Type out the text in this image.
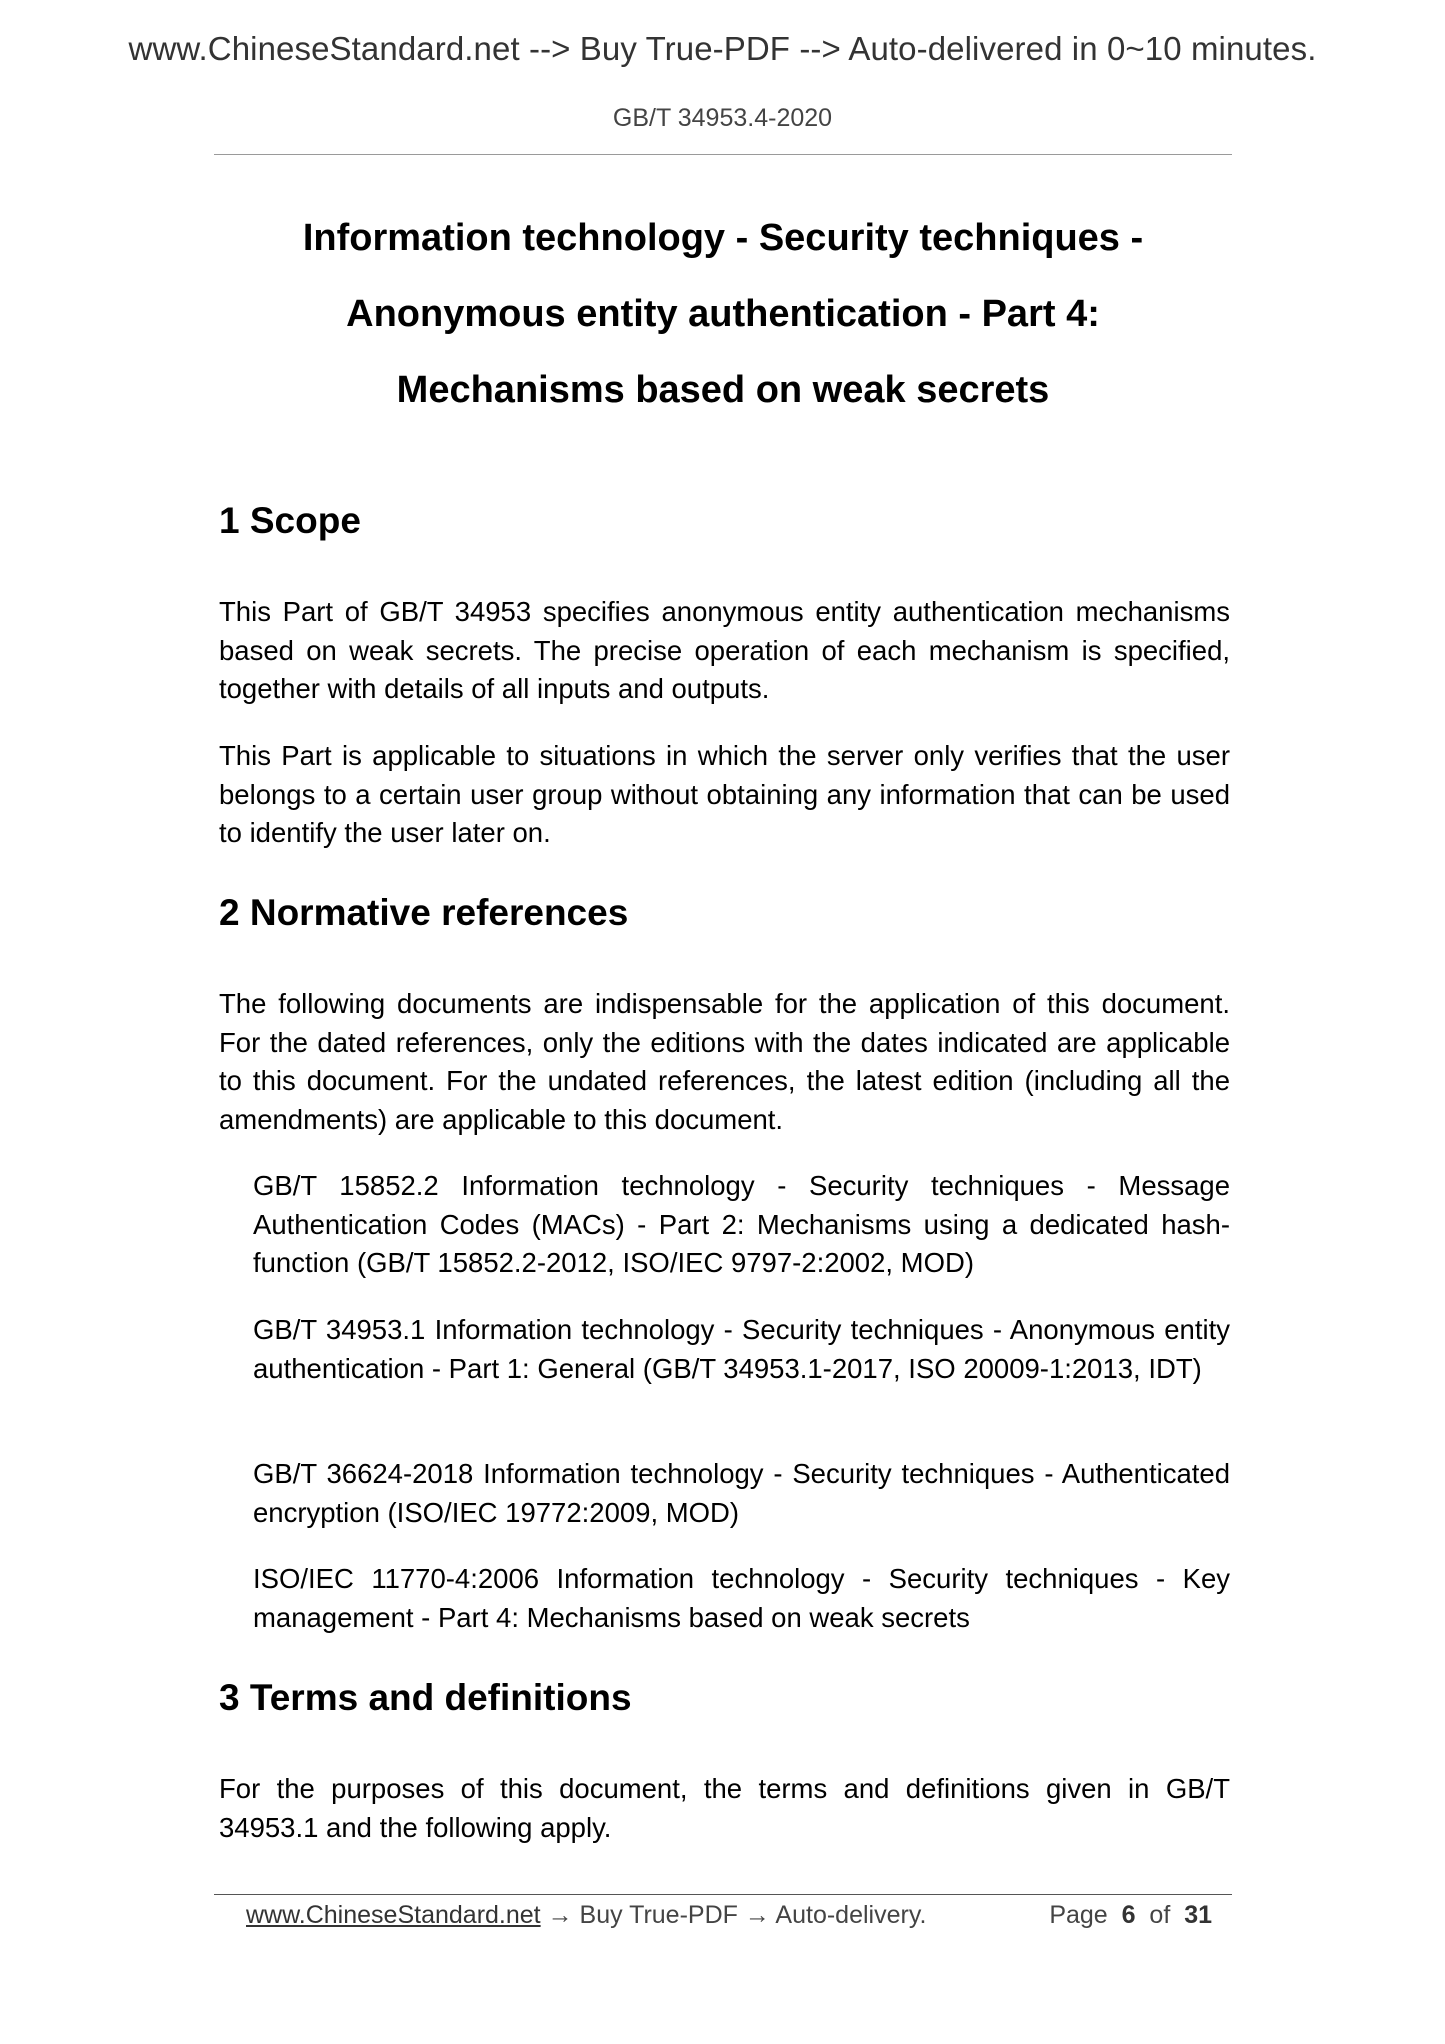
www.ChineseStandard.net --> Buy True-PDF --> Auto-delivered in 0~10 minutes.
GB/T 34953.4-2020
Information technology - Security techniques -
Anonymous entity authentication - Part 4:
Mechanisms based on weak secrets
1 Scope

This Part of GB/T 34953 specifies anonymous entity authentication mechanisms based on weak secrets. The precise operation of each mechanism is specified, together with details of all inputs and outputs.

This Part is applicable to situations in which the server only verifies that the user belongs to a certain user group without obtaining any information that can be used to identify the user later on.

2 Normative references

The following documents are indispensable for the application of this document. For the dated references, only the editions with the dates indicated are applicable to this document. For the undated references, the latest edition (including all the amendments) are applicable to this document.

GB/T 15852.2 Information technology - Security techniques - Message Authentication Codes (MACs) - Part 2: Mechanisms using a dedicated hash-function (GB/T 15852.2-2012, ISO/IEC 9797-2:2002, MOD)

GB/T 34953.1 Information technology - Security techniques - Anonymous entity authentication - Part 1: General (GB/T 34953.1-2017, ISO 20009-1:2013, IDT)

GB/T 36624-2018 Information technology - Security techniques - Authenticated encryption (ISO/IEC 19772:2009, MOD)

ISO/IEC 11770-4:2006 Information technology - Security techniques - Key management - Part 4: Mechanisms based on weak secrets

3 Terms and definitions

For the purposes of this document, the terms and definitions given in GB/T 34953.1 and the following apply.

www.ChineseStandard.net → Buy True-PDF → Auto-delivery.	Page 6 of 31
